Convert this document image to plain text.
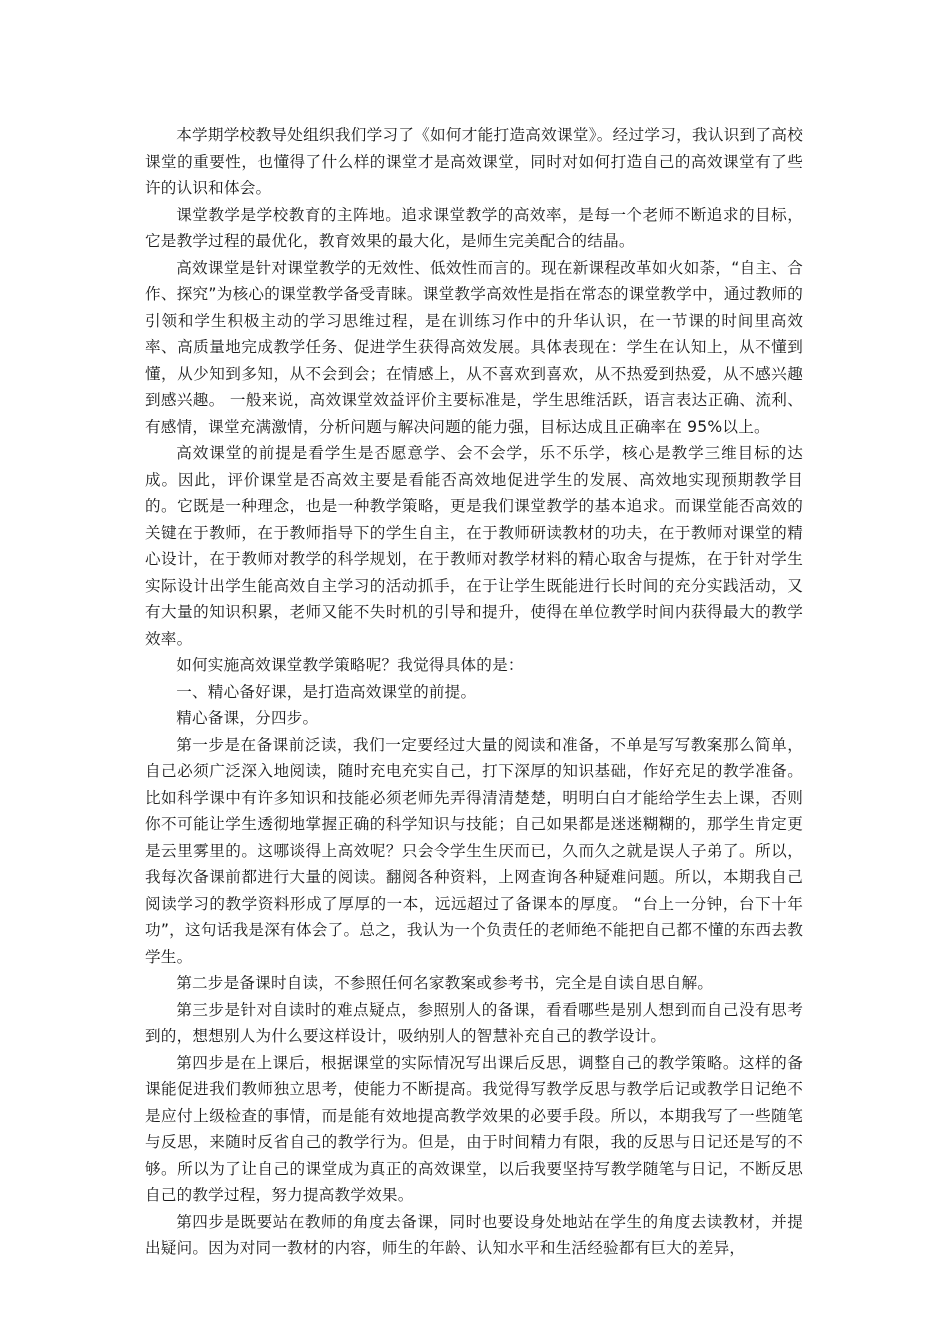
本学期学校教导处组织我们学习了《如何才能打造高效课堂》。经过学习，我认识到了高校课堂的重要性，也懂得了什么样的课堂才是高效课堂，同时对如何打造自己的高效课堂有了些许的认识和体会。

课堂教学是学校教育的主阵地。追求课堂教学的高效率，是每一个老师不断追求的目标，它是教学过程的最优化，教育效果的最大化，是师生完美配合的结晶。

高效课堂是针对课堂教学的无效性、低效性而言的。现在新课程改革如火如荼，“自主、合作、探究”为核心的课堂教学备受青睐。课堂教学高效性是指在常态的课堂教学中，通过教师的引领和学生积极主动的学习思维过程，是在训练习作中的升华认识，在一节课的时间里高效率、高质量地完成教学任务、促进学生获得高效发展。具体表现在：学生在认知上，从不懂到懂，从少知到多知，从不会到会；在情感上，从不喜欢到喜欢，从不热爱到热爱，从不感兴趣到感兴趣。 一般来说，高效课堂效益评价主要标准是，学生思维活跃，语言表达正确、流利、有感情，课堂充满激情，分析问题与解决问题的能力强，目标达成且正确率在 95%以上。

高效课堂的前提是看学生是否愿意学、会不会学，乐不乐学，核心是教学三维目标的达成。因此，评价课堂是否高效主要是看能否高效地促进学生的发展、高效地实现预期教学目的。它既是一种理念，也是一种教学策略，更是我们课堂教学的基本追求。而课堂能否高效的关键在于教师，在于教师指导下的学生自主，在于教师研读教材的功夫，在于教师对课堂的精心设计，在于教师对教学的科学规划，在于教师对教学材料的精心取舍与提炼，在于针对学生实际设计出学生能高效自主学习的活动抓手，在于让学生既能进行长时间的充分实践活动，又有大量的知识积累，老师又能不失时机的引导和提升，使得在单位教学时间内获得最大的教学效率。

如何实施高效课堂教学策略呢？我觉得具体的是：

一、精心备好课，是打造高效课堂的前提。

精心备课，分四步。

第一步是在备课前泛读，我们一定要经过大量的阅读和准备，不单是写写教案那么简单，自己必须广泛深入地阅读，随时充电充实自己，打下深厚的知识基础，作好充足的教学准备。比如科学课中有许多知识和技能必须老师先弄得清清楚楚，明明白白才能给学生去上课，否则你不可能让学生透彻地掌握正确的科学知识与技能；自己如果都是迷迷糊糊的，那学生肯定更是云里雾里的。这哪谈得上高效呢？只会令学生生厌而已，久而久之就是误人子弟了。所以，我每次备课前都进行大量的阅读。翻阅各种资料，上网查询各种疑难问题。所以，本期我自己阅读学习的教学资料形成了厚厚的一本，远远超过了备课本的厚度。 “台上一分钟，台下十年功”，这句话我是深有体会了。总之，我认为一个负责任的老师绝不能把自己都不懂的东西去教学生。

第二步是备课时自读，不参照任何名家教案或参考书，完全是自读自思自解。

第三步是针对自读时的难点疑点，参照别人的备课，看看哪些是别人想到而自己没有思考到的，想想别人为什么要这样设计，吸纳别人的智慧补充自己的教学设计。

第四步是在上课后，根据课堂的实际情况写出课后反思，调整自己的教学策略。这样的备课能促进我们教师独立思考，使能力不断提高。我觉得写教学反思与教学后记或教学日记绝不是应付上级检查的事情，而是能有效地提高教学效果的必要手段。所以，本期我写了一些随笔与反思，来随时反省自己的教学行为。但是，由于时间精力有限，我的反思与日记还是写的不够。所以为了让自己的课堂成为真正的高效课堂，以后我要坚持写教学随笔与日记，不断反思自己的教学过程，努力提高教学效果。

第四步是既要站在教师的角度去备课，同时也要设身处地站在学生的角度去读教材，并提出疑问。因为对同一教材的内容，师生的年龄、认知水平和生活经验都有巨大的差异，
